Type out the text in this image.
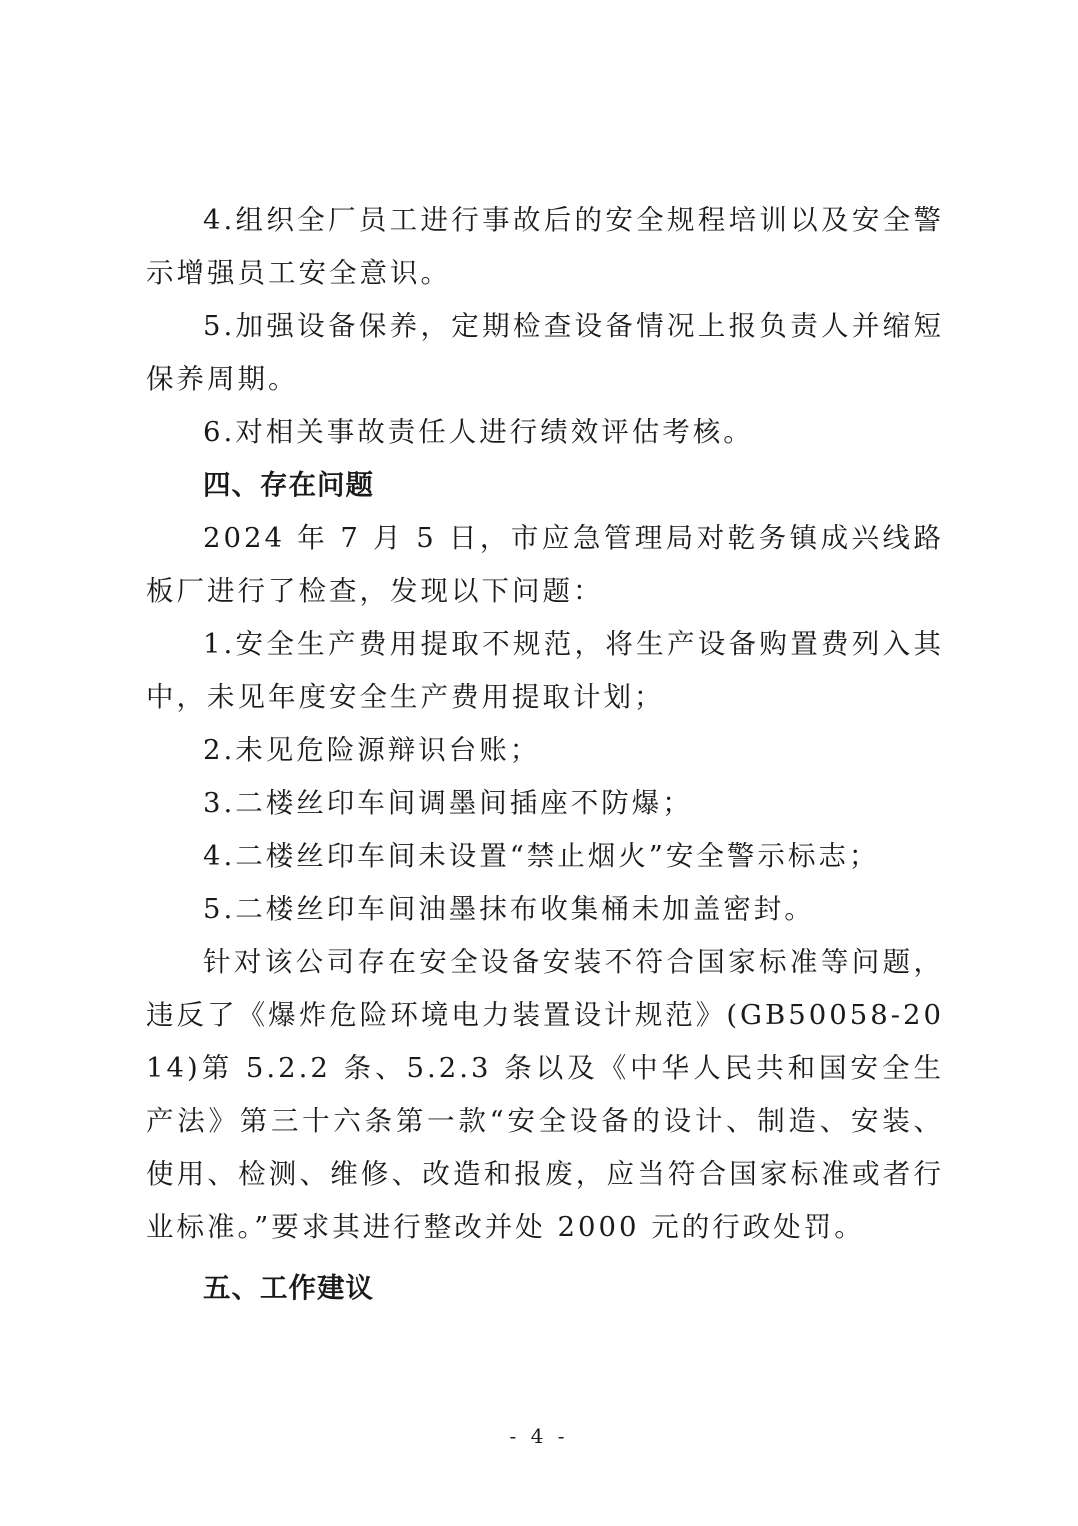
4.组织全厂员工进行事故后的安全规程培训以及安全警示增强员工安全意识。

5.加强设备保养，定期检查设备情况上报负责人并缩短保养周期。

6.对相关事故责任人进行绩效评估考核。

四、存在问题

2024 年 7 月 5 日，市应急管理局对乾务镇成兴线路板厂进行了检查，发现以下问题：

1.安全生产费用提取不规范，将生产设备购置费列入其中，未见年度安全生产费用提取计划；

2.未见危险源辩识台账；

3.二楼丝印车间调墨间插座不防爆；

4.二楼丝印车间未设置“禁止烟火”安全警示标志；

5.二楼丝印车间油墨抹布收集桶未加盖密封。

针对该公司存在安全设备安装不符合国家标准等问题，违反了《爆炸危险环境电力装置设计规范》(GB50058-2014)第 5.2.2 条、5.2.3 条以及《中华人民共和国安全生产法》第三十六条第一款“安全设备的设计、制造、安装、使用、检测、维修、改造和报废，应当符合国家标准或者行业标准。”要求其进行整改并处 2000 元的行政处罚。

五、工作建议

- 4 -
